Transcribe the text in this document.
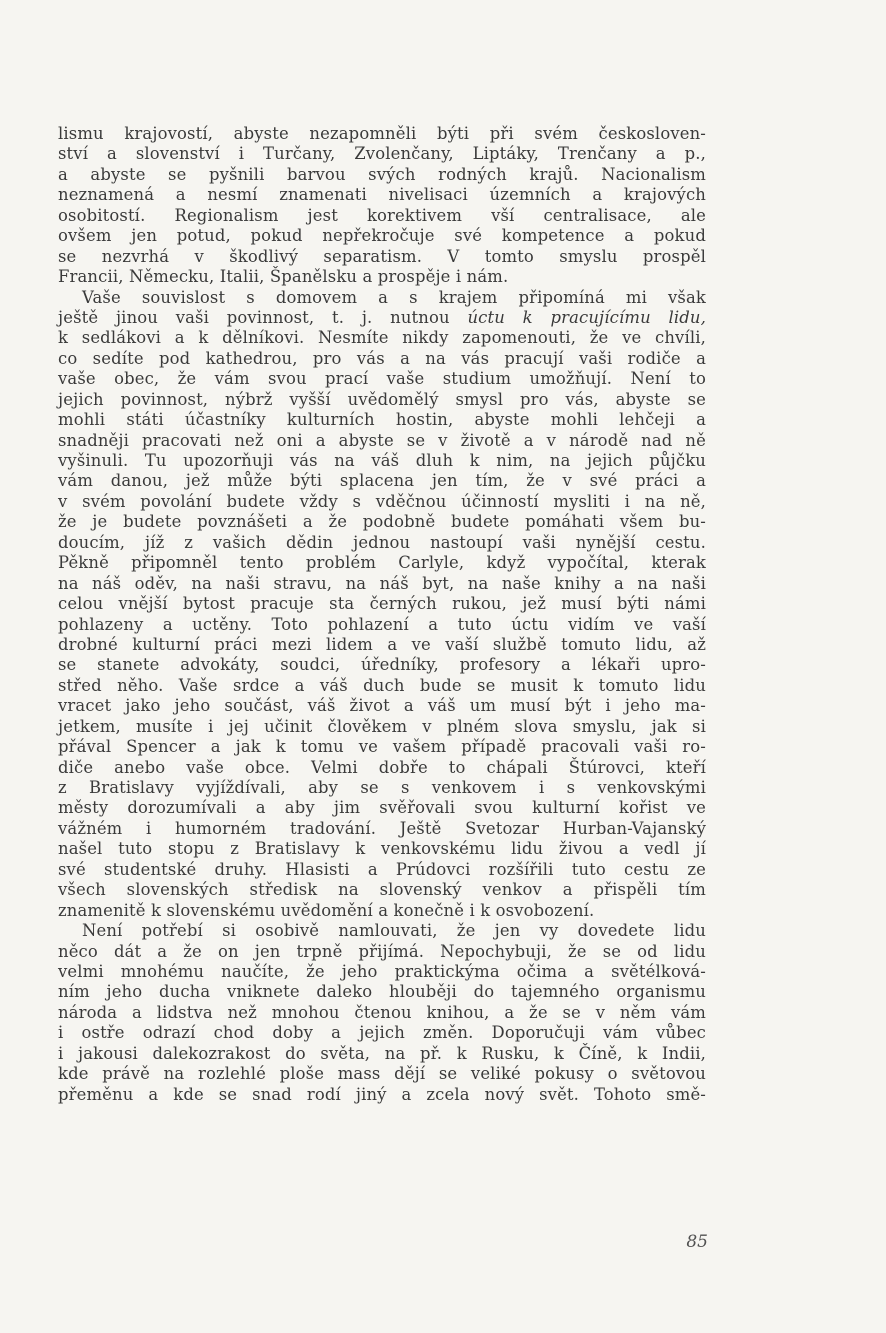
lismu krajovostí, abyste nezapomněli býti při svém českosloven-
ství a slovenství i Turčany, Zvolenčany, Liptáky, Trenčany a p.,
a abyste se pyšnili barvou svých rodných krajů. Nacionalism
neznamená a nesmí znamenati nivelisaci územních a krajových
osobitostí. Regionalism jest korektivem vší centralisace, ale
ovšem jen potud, pokud nepřekročuje své kompetence a pokud
se nezvrhá v škodlivý separatism. V tomto smyslu prospěl
Francii, Německu, Italii, Španělsku a prospěje i nám.
Vaše souvislost s domovem a s krajem připomíná mi však
ještě jinou vaši povinnost, t. j. nutnou úctu k pracujícímu lidu,
k sedlákovi a k dělníkovi. Nesmíte nikdy zapomenouti, že ve chvíli,
co sedíte pod kathedrou, pro vás a na vás pracují vaši rodiče a
vaše obec, že vám svou prací vaše studium umožňují. Není to
jejich povinnost, nýbrž vyšší uvědomělý smysl pro vás, abyste se
mohli státi účastníky kulturních hostin, abyste mohli lehčeji a
snadněji pracovati než oni a abyste se v životě a v národě nad ně
vyšinuli. Tu upozorňuji vás na váš dluh k nim, na jejich půjčku
vám danou, jež může býti splacena jen tím, že v své práci a
v svém povolání budete vždy s vděčnou účinností mysliti i na ně,
že je budete povznášeti a že podobně budete pomáhati všem bu-
doucím, jíž z vašich dědin jednou nastoupí vaši nynější cestu.
Pěkně připomněl tento problém Carlyle, když vypočítal, kterak
na náš oděv, na naši stravu, na náš byt, na naše knihy a na naši
celou vnější bytost pracuje sta černých rukou, jež musí býti námi
pohlazeny a uctěny. Toto pohlazení a tuto úctu vidím ve vaší
drobné kulturní práci mezi lidem a ve vaší službě tomuto lidu, až
se stanete advokáty, soudci, úředníky, profesory a lékaři upro-
střed něho. Vaše srdce a váš duch bude se musit k tomuto lidu
vracet jako jeho součást, váš život a váš um musí být i jeho ma-
jetkem, musíte i jej učinit člověkem v plném slova smyslu, jak si
přával Spencer a jak k tomu ve vašem případě pracovali vaši ro-
diče anebo vaše obce. Velmi dobře to chápali Štúrovci, kteří
z Bratislavy vyjíždívali, aby se s venkovem i s venkovskými
městy dorozumívali a aby jim svěřovali svou kulturní kořist ve
vážném i humorném tradování. Ještě Svetozar Hurban-Vajanský
našel tuto stopu z Bratislavy k venkovskému lidu živou a vedl jí
své studentské druhy. Hlasisti a Prúdovci rozšířili tuto cestu ze
všech slovenských středisk na slovenský venkov a přispěli tím
znamenitě k slovenskému uvědomění a konečně i k osvobození.
Není potřebí si osobivě namlouvati, že jen vy dovedete lidu
něco dát a že on jen trpně přijímá. Nepochybuji, že se od lidu
velmi mnohému naučíte, že jeho praktickýma očima a světélková-
ním jeho ducha vniknete daleko hlouběji do tajemného organismu
národa a lidstva než mnohou čtenou knihou, a že se v něm vám
i ostře odrazí chod doby a jejich změn. Doporučuji vám vůbec
i jakousi dalekozrakost do světa, na př. k Rusku, k Číně, k Indii,
kde právě na rozlehlé ploše mass dějí se veliké pokusy o světovou
přeměnu a kde se snad rodí jiný a zcela nový svět. Tohoto smě-
85
